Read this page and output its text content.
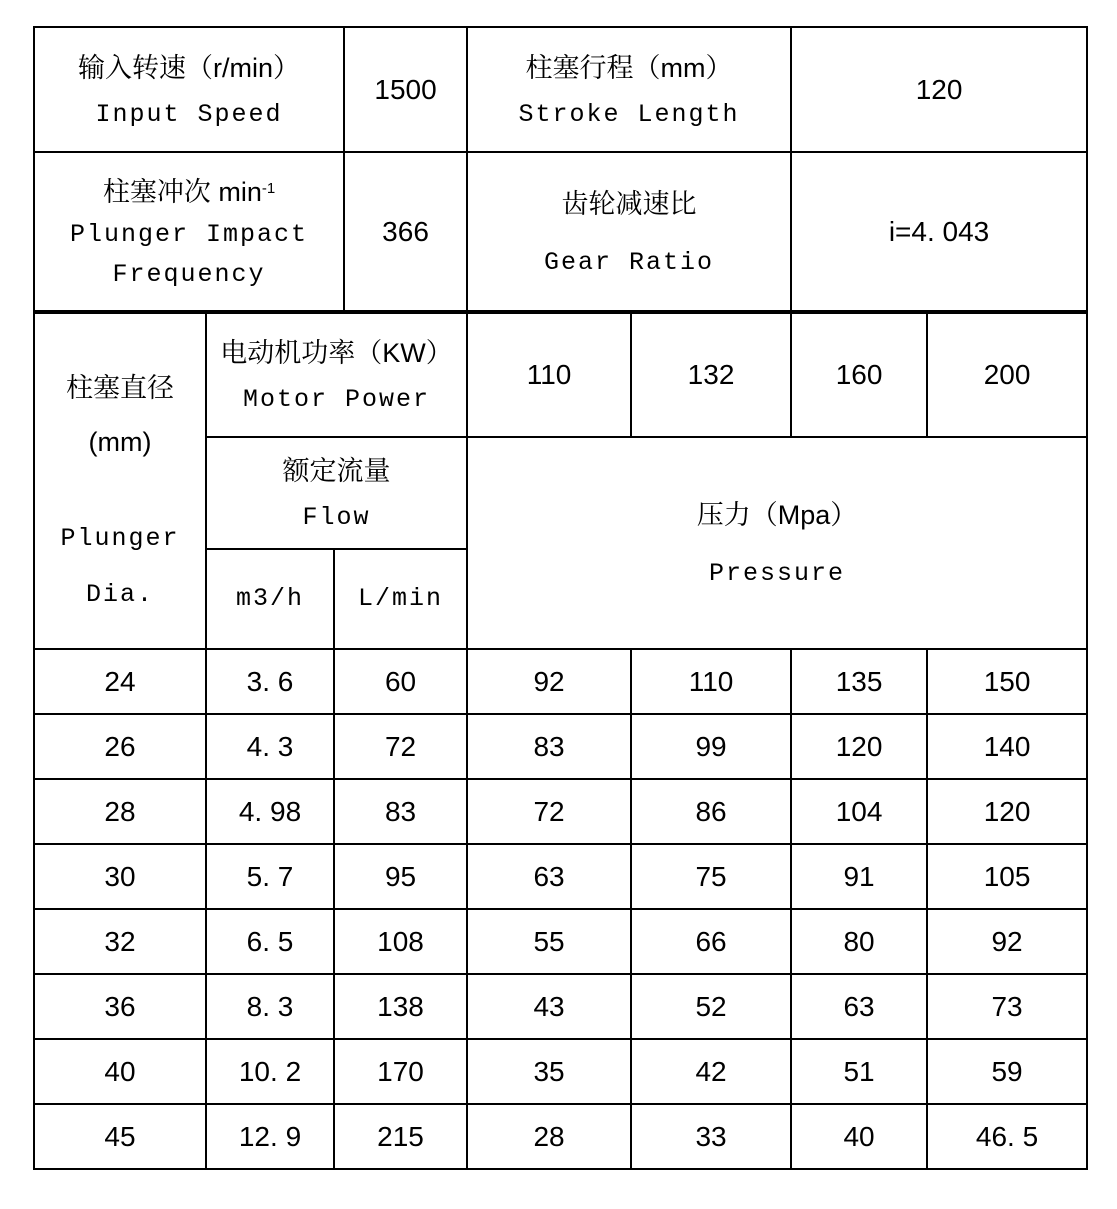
输入转速（r/min）
Input Speed			1500	柱塞行程（mm）
Stroke Length		120	

柱塞冲次 $\min^{-1}$
Plunger Impact
Frequency			366	齿轮减速比
Gear Ratio		i=4. 043	

柱塞直径
(mm)
Plunger
Dia.	电动机功率（KW）
Motor Power			110	132	160	200

	额定流量
Flow			压力（Mpa）
Pressure			

	m3/h	L/min					

24	3. 6	60		92	110	135	150

26	4. 3	72		83	99	120	140

28	4. 98	83		72	86	104	120

30	5. 7	95		63	75	91	105

32	6. 5	108		55	66	80	92

36	8. 3	138		43	52	63	73

40	10. 2	170		35	42	51	59

45	12. 9	215		28	33	40	46. 5
